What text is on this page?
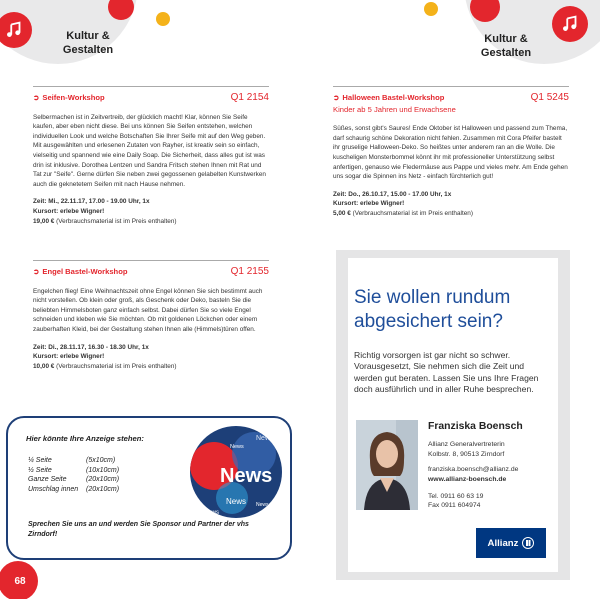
Kultur & Gestalten
Kultur & Gestalten
➲ Seifen-Workshop	Q1 2154
Selbermachen ist in Zeitvertreib, der glücklich macht! Klar, können Sie Seife kaufen, aber eben nicht diese. Bei uns können Sie Seifen entstehen, welchen individuellen Look und welche Botschaften Sie Ihrer Seife mit auf den Weg geben. Mit ausgewählten und erlesenen Zutaten von Rayher, ist kreativ sein so einfach, vielseitig und spannend wie eine Daily Soap. Die Sicherheit, dass alles gut ist was drin ist inklusive. Dorothea Lentzen und Sandra Fritsch stehen Ihnen mit Rat und Tat zur "Seife". Gerne dürfen Sie neben zwei gegossenen gelabelten Kunstwerken auch die geknetetem Seifen mit nach Hause nehmen.
Zeit: Mi., 22.11.17, 17.00 - 19.00 Uhr, 1x
Kursort: erlebe Wigner!
19,00 € (Verbrauchsmaterial ist im Preis enthalten)
➲ Engel Bastel-Workshop	Q1 2155
Engelchen flieg! Eine Weihnachtszeit ohne Engel können Sie sich bestimmt auch nicht vorstellen. Ob klein oder groß, als Geschenk oder Deko, basteln Sie die beliebten Himmelsboten ganz einfach selbst. Dabei dürfen Sie so viele Engel schneiden und kleben wie Sie möchten. Ob mit goldenen Löckchen oder einem zauberhaften Kleid, bei der Gestaltung stehen Ihnen alle (Himmels)türen offen.
Zeit: Di., 28.11.17, 16.30 - 18.30 Uhr, 1x
Kursort: erlebe Wigner!
10,00 € (Verbrauchsmaterial ist im Preis enthalten)
➲ Halloween Bastel-Workshop	Q1 5245
Kinder ab 5 Jahren und Erwachsene
Süßes, sonst gibt's Saures! Ende Oktober ist Halloween und passend zum Thema, darf schaurig schöne Dekoration nicht fehlen. Zusammen mit Cora Pfeifer bastelt ihr gruselige Halloween-Deko. So heißtes unter anderem ran an die Wolle. Die kuscheligen Monsterbommel könnt ihr mit professioneller Unterstützung selbst anfertigen, genauso wie Fledermäuse aus Pappe und vieles mehr. Am Ende gehen uns sogar die Spinnen ins Netz - einfach fürchterlich gut!
Zeit: Do., 26.10.17, 15.00 - 17.00 Uhr, 1x
Kursort: erlebe Wigner!
5,00 € (Verbrauchsmaterial ist im Preis enthalten)
Hier könnte Ihre Anzeige stehen:
¼ Seite	(5x10cm)
½ Seite	(10x10cm)
Ganze Seite	(20x10cm)
Umschlag innen	(20x10cm)
Sprechen Sie uns an und werden Sie Sponsor und Partner der vhs Zirndorf!
News
News
News News
News
New
Sie wollen rundum abgesichert sein?
Richtig vorsorgen ist gar nicht so schwer. Vorausgesetzt, Sie nehmen sich die Zeit und werden gut beraten. Lassen Sie uns Ihre Fragen doch ausführlich und in aller Ruhe besprechen.
Franziska Boensch
Allianz Generalvertreterin
Kolbstr. 8, 90513 Zirndorf
franziska.boensch@allianz.de
www.allianz-boensch.de
Tel. 0911 60 63 19
Fax 0911 604974
Allianz
68
